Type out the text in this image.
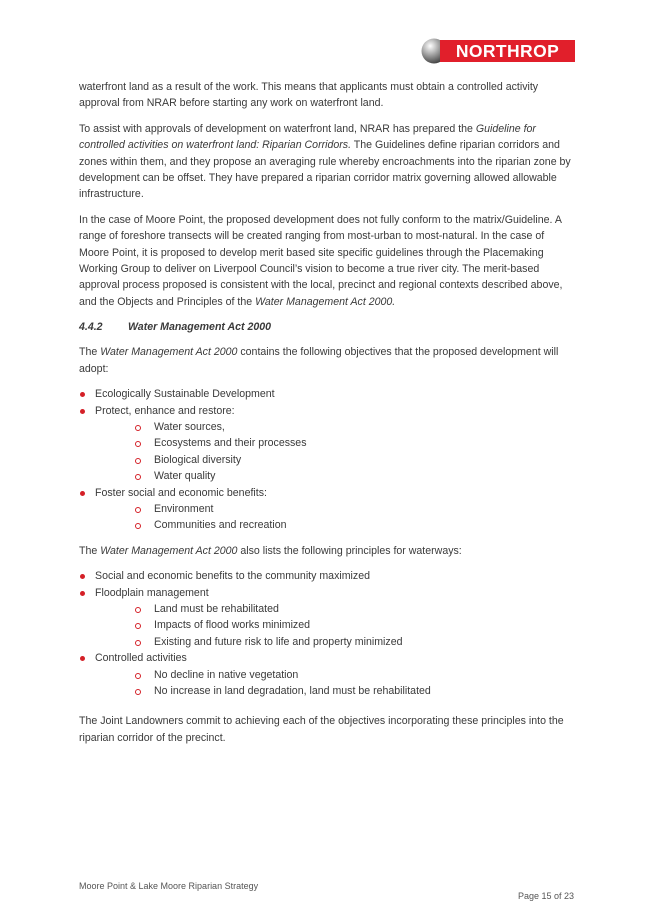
NORTHROP

waterfront land as a result of the work. This means that applicants must obtain a controlled activity approval from NRAR before starting any work on waterfront land.

To assist with approvals of development on waterfront land, NRAR has prepared the Guideline for controlled activities on waterfront land: Riparian Corridors. The Guidelines define riparian corridors and zones within them, and they propose an averaging rule whereby encroachments into the riparian zone by development can be offset. They have prepared a riparian corridor matrix governing allowed allowable infrastructure.

In the case of Moore Point, the proposed development does not fully conform to the matrix/Guideline. A range of foreshore transects will be created ranging from most-urban to most-natural. In the case of Moore Point, it is proposed to develop merit based site specific guidelines through the Placemaking Working Group to deliver on Liverpool Council’s vision to become a true river city. The merit-based approval process proposed is consistent with the local, precinct and regional contexts described above, and the Objects and Principles of the Water Management Act 2000.

4.4.2 Water Management Act 2000

The Water Management Act 2000 contains the following objectives that the proposed development will adopt:

Ecologically Sustainable Development
Protect, enhance and restore:
Water sources,
Ecosystems and their processes
Biological diversity
Water quality
Foster social and economic benefits:
Environment
Communities and recreation

The Water Management Act 2000 also lists the following principles for waterways:

Social and economic benefits to the community maximized
Floodplain management
Land must be rehabilitated
Impacts of flood works minimized
Existing and future risk to life and property minimized
Controlled activities
No decline in native vegetation
No increase in land degradation, land must be rehabilitated

The Joint Landowners commit to achieving each of the objectives incorporating these principles into the riparian corridor of the precinct.

Moore Point & Lake Moore Riparian Strategy
Page 15 of 23
